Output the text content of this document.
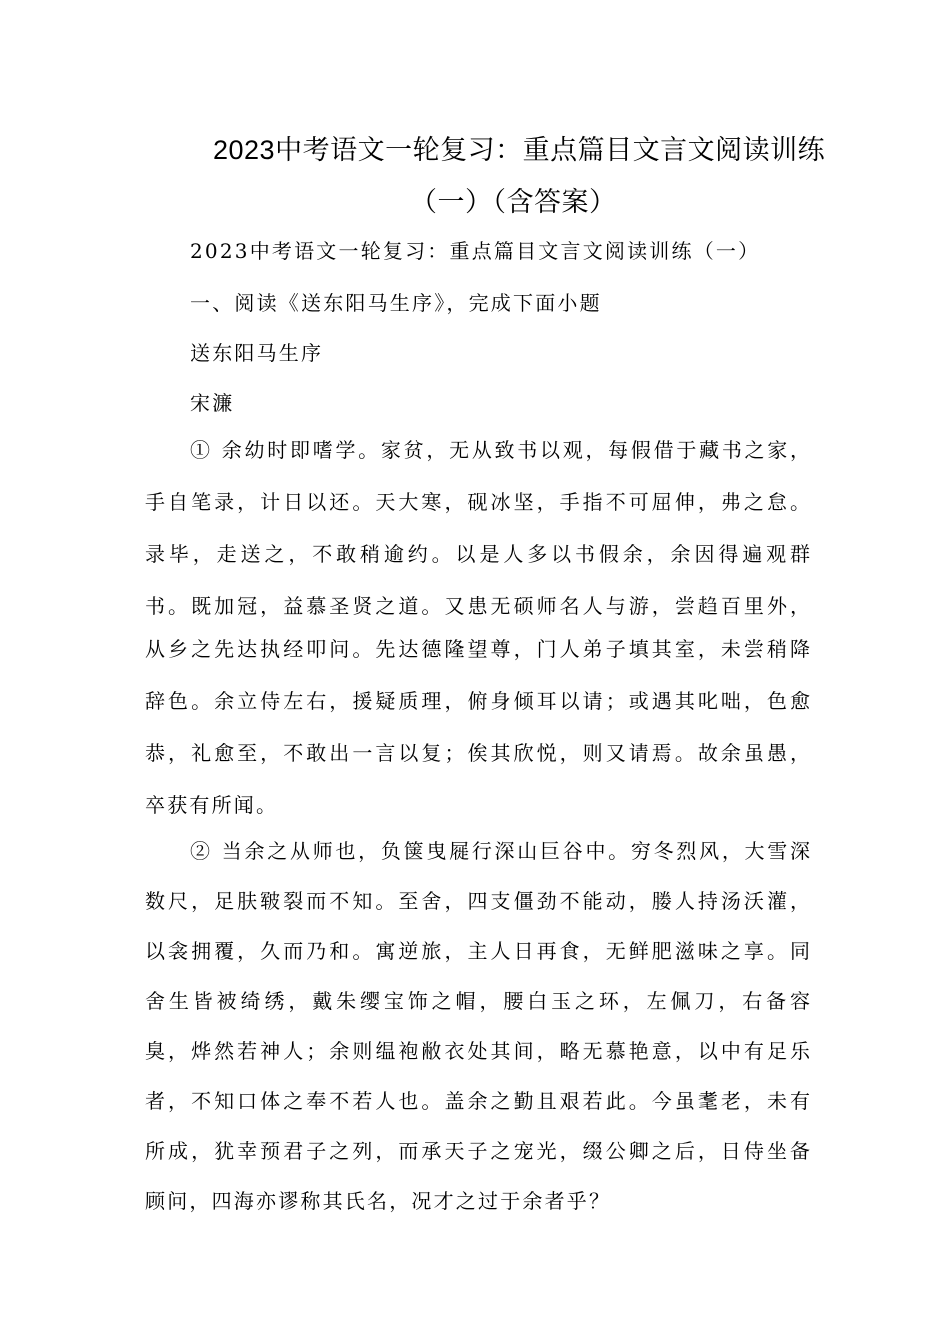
2023中考语文一轮复习：重点篇目文言文阅读训练
（一）（含答案）
2023中考语文一轮复习：重点篇目文言文阅读训练（一）
一、阅读《送东阳马生序》，完成下面小题
送东阳马生序
宋濂
① 余幼时即嗜学。家贫，无从致书以观，每假借于藏书之家，
手自笔录，计日以还。天大寒，砚冰坚，手指不可屈伸，弗之怠。
录毕，走送之，不敢稍逾约。以是人多以书假余，余因得遍观群
书。既加冠，益慕圣贤之道。又患无硕师名人与游，尝趋百里外，
从乡之先达执经叩问。先达德隆望尊，门人弟子填其室，未尝稍降
辞色。余立侍左右，援疑质理，俯身倾耳以请；或遇其叱咄，色愈
恭，礼愈至，不敢出一言以复；俟其欣悦，则又请焉。故余虽愚，
卒获有所闻。
② 当余之从师也，负箧曳屣行深山巨谷中。穷冬烈风，大雪深
数尺，足肤皲裂而不知。至舍，四支僵劲不能动，媵人持汤沃灌，
以衾拥覆，久而乃和。寓逆旅，主人日再食，无鲜肥滋味之享。同
舍生皆被绮绣，戴朱缨宝饰之帽，腰白玉之环，左佩刀，右备容
臭，烨然若神人；余则缊袍敝衣处其间，略无慕艳意，以中有足乐
者，不知口体之奉不若人也。盖余之勤且艰若此。今虽耄老，未有
所成，犹幸预君子之列，而承天子之宠光，缀公卿之后，日侍坐备
顾问，四海亦谬称其氏名，况才之过于余者乎？
